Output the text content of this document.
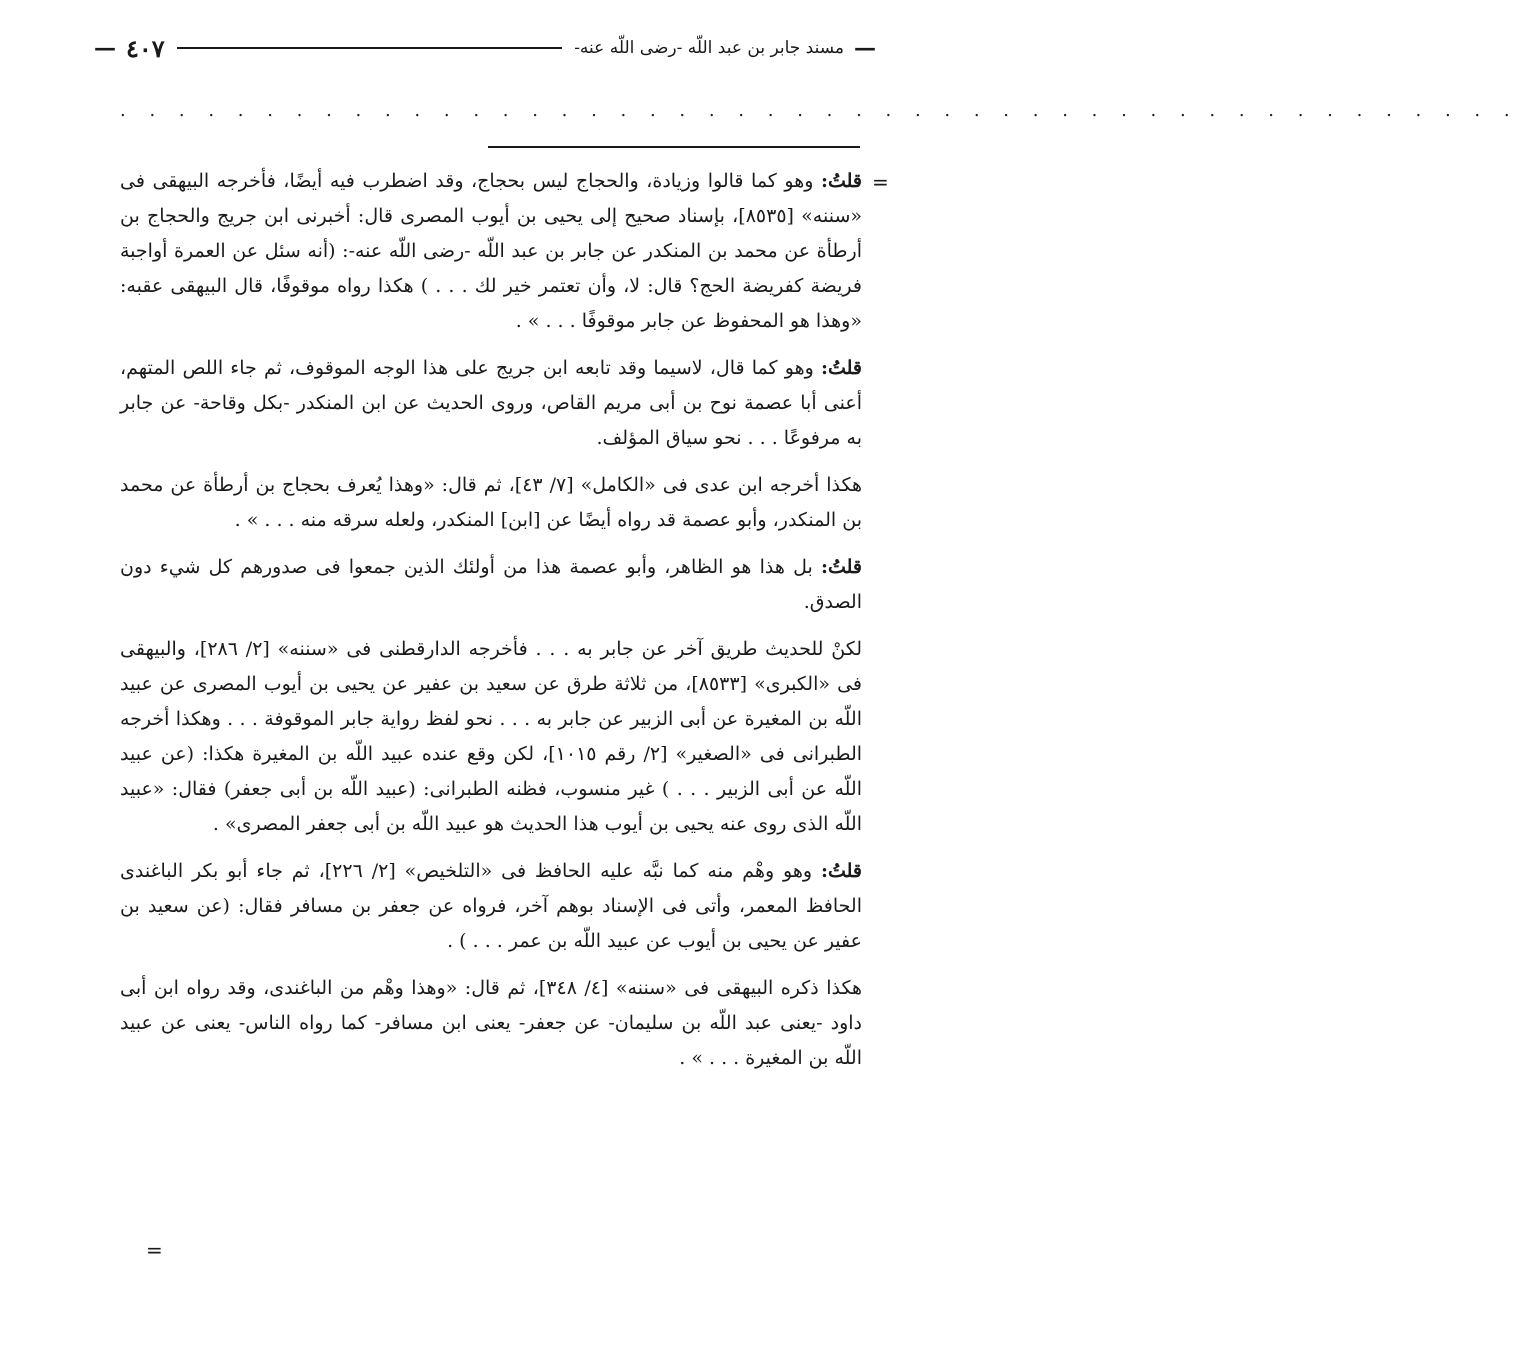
—
مسند جابر بن عبد اللّه -رضى اللّه عنه-
٤٠٧
—
. . . . . . . . . . . . . . . . . . . . . . . . . . . . . . . . . . . . . . . . . . . . . . . .
=
=

قلتُ: وهو كما قالوا وزيادة، والحجاج ليس بحجاج، وقد اضطرب فيه أيضًا، فأخرجه البيهقى فى «سننه» [٨٥٣٥]، بإسناد صحيح إلى يحيى بن أيوب المصرى قال: أخبرنى ابن جريج والحجاج بن أرطأة عن محمد بن المنكدر عن جابر بن عبد اللّه -رضى اللّه عنه-: (أنه سئل عن العمرة أواجبة فريضة كفريضة الحج؟ قال: لا، وأن تعتمر خير لك . . . ) هكذا رواه موقوفًا، قال البيهقى عقبه: «وهذا هو المحفوظ عن جابر موقوفًا . . . » .

قلتُ: وهو كما قال، لاسيما وقد تابعه ابن جريج على هذا الوجه الموقوف، ثم جاء اللص المتهم، أعنى أبا عصمة نوح بن أبى مريم القاص، وروى الحديث عن ابن المنكدر -بكل وقاحة- عن جابر به مرفوعًا . . . نحو سياق المؤلف.

هكذا أخرجه ابن عدى فى «الكامل» [٧/ ٤٣]، ثم قال: «وهذا يُعرف بحجاج بن أرطأة عن محمد بن المنكدر، وأبو عصمة قد رواه أيضًا عن [ابن] المنكدر، ولعله سرقه منه . . . » .

قلتُ: بل هذا هو الظاهر، وأبو عصمة هذا من أولئك الذين جمعوا فى صدورهم كل شيء دون الصدق.

لكنْ للحديث طريق آخر عن جابر به . . . فأخرجه الدارقطنى فى «سننه» [٢/ ٢٨٦]، والبيهقى فى «الكبرى» [٨٥٣٣]، من ثلاثة طرق عن سعيد بن عفير عن يحيى بن أيوب المصرى عن عبيد اللّه بن المغيرة عن أبى الزبير عن جابر به . . . نحو لفظ رواية جابر الموقوفة . . . وهكذا أخرجه الطبرانى فى «الصغير» [٢/ رقم ١٠١٥]، لكن وقع عنده عبيد اللّه بن المغيرة هكذا: (عن عبيد اللّه عن أبى الزبير . . . ) غير منسوب، فظنه الطبرانى: (عبيد اللّه بن أبى جعفر) فقال: «عبيد اللّه الذى روى عنه يحيى بن أيوب هذا الحديث هو عبيد اللّه بن أبى جعفر المصرى» .

قلتُ: وهو وهْم منه كما نبَّه عليه الحافظ فى «التلخيص» [٢/ ٢٢٦]، ثم جاء أبو بكر الباغندى الحافظ المعمر، وأتى فى الإسناد بوهم آخر، فرواه عن جعفر بن مسافر فقال: (عن سعيد بن عفير عن يحيى بن أيوب عن عبيد اللّه بن عمر . . . ) .

هكذا ذكره البيهقى فى «سننه» [٤/ ٣٤٨]، ثم قال: «وهذا وهْم من الباغندى، وقد رواه ابن أبى داود -يعنى عبد اللّه بن سليمان- عن جعفر- يعنى ابن مسافر- كما رواه الناس- يعنى عن عبيد اللّه بن المغيرة . . . » .
